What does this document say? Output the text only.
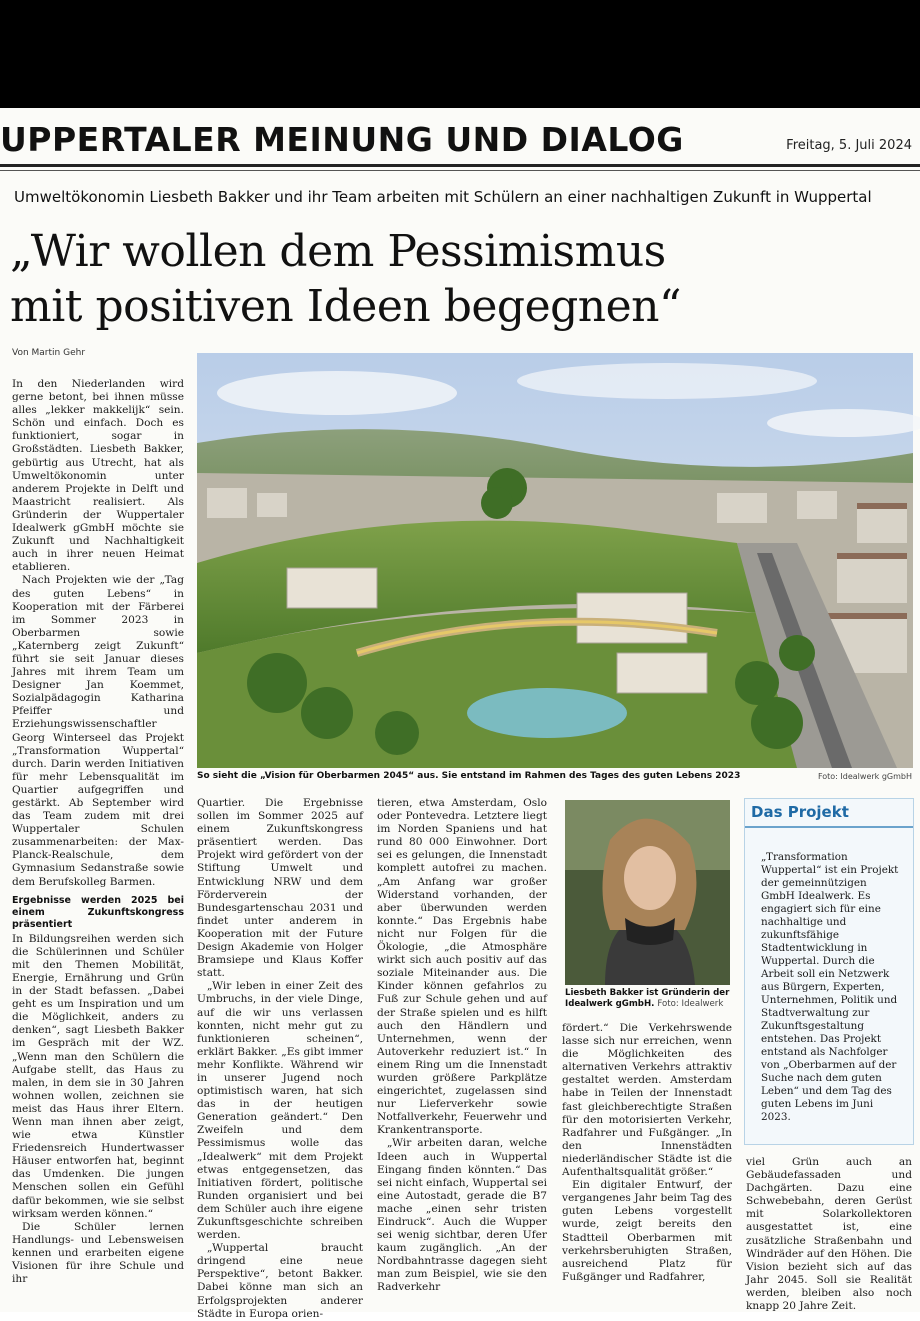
UPPERTALER MEINUNG UND DIALOG	Freitag, 5. Juli 2024
Umweltökonomin Liesbeth Bakker und ihr Team arbeiten mit Schülern an einer nachhaltigen Zukunft in Wuppertal
„Wir wollen dem Pessimismus
mit positiven Ideen begegnen“
Von Martin Gehr

In den Niederlanden wird gerne betont, bei ihnen müsse alles „lekker makkelijk“ sein. Schön und einfach. Doch es funktioniert, sogar in Großstädten. Liesbeth Bakker, gebürtig aus Utrecht, hat als Umweltökonomin unter anderem Projekte in Delft und Maastricht realisiert. Als Gründerin der Wuppertaler Idealwerk gGmbH möchte sie Zukunft und Nachhaltigkeit auch in ihrer neuen Heimat etablieren.

Nach Projekten wie der „Tag des guten Lebens“ in Kooperation mit der Färberei im Sommer 2023 in Oberbarmen sowie „Katernberg zeigt Zukunft“ führt sie seit Januar dieses Jahres mit ihrem Team um Designer Jan Koemmet, Sozialpädagogin Katharina Pfeiffer und Erziehungswissenschaftler Georg Winterseel das Projekt „Transformation Wuppertal“ durch. Darin werden Initiativen für mehr Lebensqualität im Quartier aufgegriffen und gestärkt. Ab September wird das Team zudem mit drei Wuppertaler Schulen zusammenarbeiten: der Max-Planck-Realschule, dem Gymnasium Sedanstraße sowie dem Berufskolleg Barmen.

Ergebnisse werden 2025 bei einem Zukunftskongress präsentiert

In Bildungsreihen werden sich die Schülerinnen und Schüler mit den Themen Mobilität, Energie, Ernährung und Grün in der Stadt befassen. „Dabei geht es um Inspiration und um die Möglichkeit, anders zu denken“, sagt Liesbeth Bakker im Gespräch mit der WZ. „Wenn man den Schülern die Aufgabe stellt, das Haus zu malen, in dem sie in 30 Jahren wohnen wollen, zeichnen sie meist das Haus ihrer Eltern. Wenn man ihnen aber zeigt, wie etwa Künstler Friedensreich Hundertwasser Häuser entworfen hat, beginnt das Umdenken. Die jungen Menschen sollen ein Gefühl dafür bekommen, wie sie selbst wirksam werden können.“

Die Schüler lernen Handlungs- und Lebensweisen kennen und erarbeiten eigene Visionen für ihre Schule und ihr

So sieht die „Vision für Oberbarmen 2045“ aus. Sie entstand im Rahmen des Tages des guten Lebens 2023	Foto: Idealwerk gGmbH

Quartier. Die Ergebnisse sollen im Sommer 2025 auf einem Zukunftskongress präsentiert werden. Das Projekt wird gefördert von der Stiftung Umwelt und Entwicklung NRW und dem Förderverein der Bundesgartenschau 2031 und findet unter anderem in Kooperation mit der Future Design Akademie von Holger Bramsiepe und Klaus Koffer statt.

„Wir leben in einer Zeit des Umbruchs, in der viele Dinge, auf die wir uns verlassen konnten, nicht mehr gut zu funktionieren scheinen“, erklärt Bakker. „Es gibt immer mehr Konflikte. Während wir in unserer Jugend noch optimistisch waren, hat sich das in der heutigen Generation geändert.“ Den Zweifeln und dem Pessimismus wolle das „Idealwerk“ mit dem Projekt etwas entgegensetzen, das Initiativen fördert, politische Runden organisiert und bei dem Schüler auch ihre eigene Zukunftsgeschichte schreiben werden.

„Wuppertal braucht dringend eine neue Perspektive“, betont Bakker. Dabei könne man sich an Erfolgsprojekten anderer Städte in Europa orien-

tieren, etwa Amsterdam, Oslo oder Pontevedra. Letztere liegt im Norden Spaniens und hat rund 80 000 Einwohner. Dort sei es gelungen, die Innenstadt komplett autofrei zu machen. „Am Anfang war großer Widerstand vorhanden, der aber überwunden werden konnte.“ Das Ergebnis habe nicht nur Folgen für die Ökologie, „die Atmosphäre wirkt sich auch positiv auf das soziale Miteinander aus. Die Kinder können gefahrlos zu Fuß zur Schule gehen und auf der Straße spielen und es hilft auch den Händlern und Unternehmen, wenn der Autoverkehr reduziert ist.“ In einem Ring um die Innenstadt wurden größere Parkplätze eingerichtet, zugelassen sind nur Lieferverkehr sowie Notfallverkehr, Feuerwehr und Krankentransporte.

„Wir arbeiten daran, welche Ideen auch in Wuppertal Eingang finden könnten.“ Das sei nicht einfach, Wuppertal sei eine Autostadt, gerade die B7 mache „einen sehr tristen Eindruck“. Auch die Wupper sei wenig sichtbar, deren Ufer kaum zugänglich. „An der Nordbahntrasse dagegen sieht man zum Beispiel, wie sie den Radverkehr

Liesbeth Bakker ist Gründerin der Idealwerk gGmbH. Foto: Idealwerk

fördert.“ Die Verkehrswende lasse sich nur erreichen, wenn die Möglichkeiten des alternativen Verkehrs attraktiv gestaltet werden. Amsterdam habe in Teilen der Innenstadt fast gleichberechtigte Straßen für den motorisierten Verkehr, Radfahrer und Fußgänger. „In den Innenstädten niederländischer Städte ist die Aufenthaltsqualität größer.“

Ein digitaler Entwurf, der vergangenes Jahr beim Tag des guten Lebens vorgestellt wurde, zeigt bereits den Stadtteil Oberbarmen mit verkehrsberuhigten Straßen, ausreichend Platz für Fußgänger und Radfahrer,

Das Projekt
„Transformation Wuppertal“ ist ein Projekt der gemeinnützigen GmbH Idealwerk. Es engagiert sich für eine nachhaltige und zukunftsfähige Stadtentwicklung in Wuppertal. Durch die Arbeit soll ein Netzwerk aus Bürgern, Experten, Unternehmen, Politik und Stadtverwaltung zur Zukunftsgestaltung entstehen. Das Projekt entstand als Nachfolger von „Oberbarmen auf der Suche nach dem guten Leben“ und dem Tag des guten Lebens im Juni 2023.

viel Grün auch an Gebäudefassaden und Dachgärten. Dazu eine Schwebebahn, deren Gerüst mit Solarkollektoren ausgestattet ist, eine zusätzliche Straßenbahn und Windräder auf den Höhen. Die Vision bezieht sich auf das Jahr 2045. Soll sie Realität werden, bleiben also noch knapp 20 Jahre Zeit.
